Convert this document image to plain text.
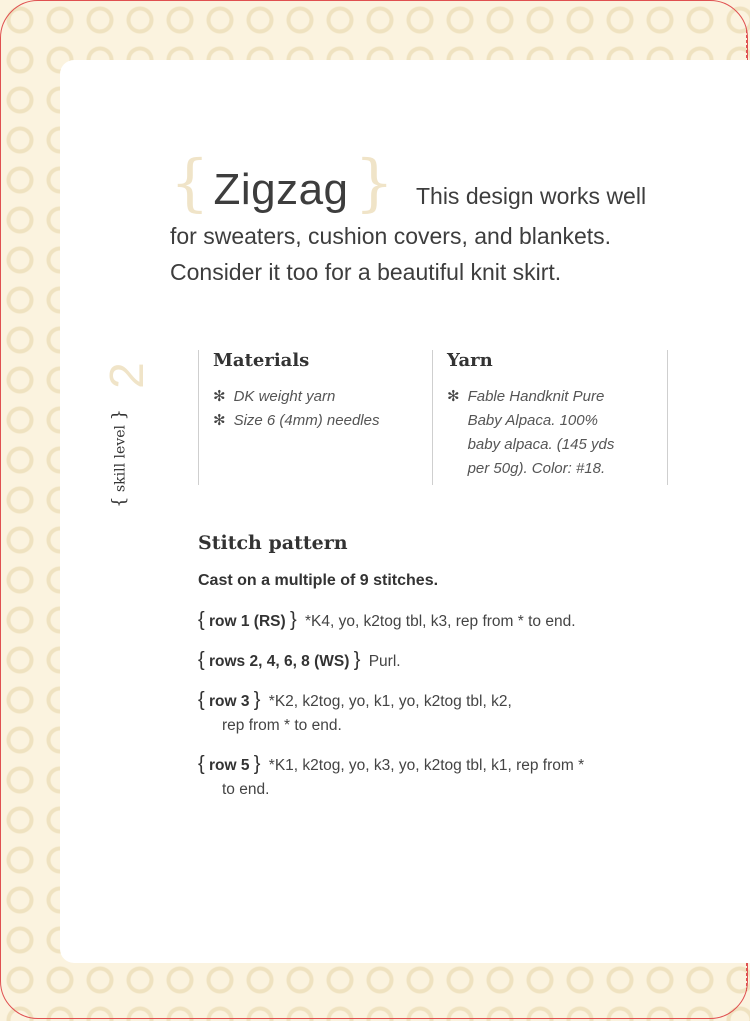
{ Zigzag } This design works well
for sweaters, cushion covers, and blankets.
Consider it too for a beautiful knit skirt.
2
{ skill level }
Materials
✻ DK weight yarn
✻ Size 6 (4mm) needles
Yarn
✻ Fable Handknit Pure
Baby Alpaca. 100%
baby alpaca. (145 yds
per 50g). Color: #18.
Stitch pattern
Cast on a multiple of 9 stitches.
{ row 1 (RS) } *K4, yo, k2tog tbl, k3, rep from * to end.
{ rows 2, 4, 6, 8 (WS) } Purl.
{ row 3 } *K2, k2tog, yo, k1, yo, k2tog tbl, k2,
rep from * to end.
{ row 5 } *K1, k2tog, yo, k3, yo, k2tog tbl, k1, rep from *
to end.
